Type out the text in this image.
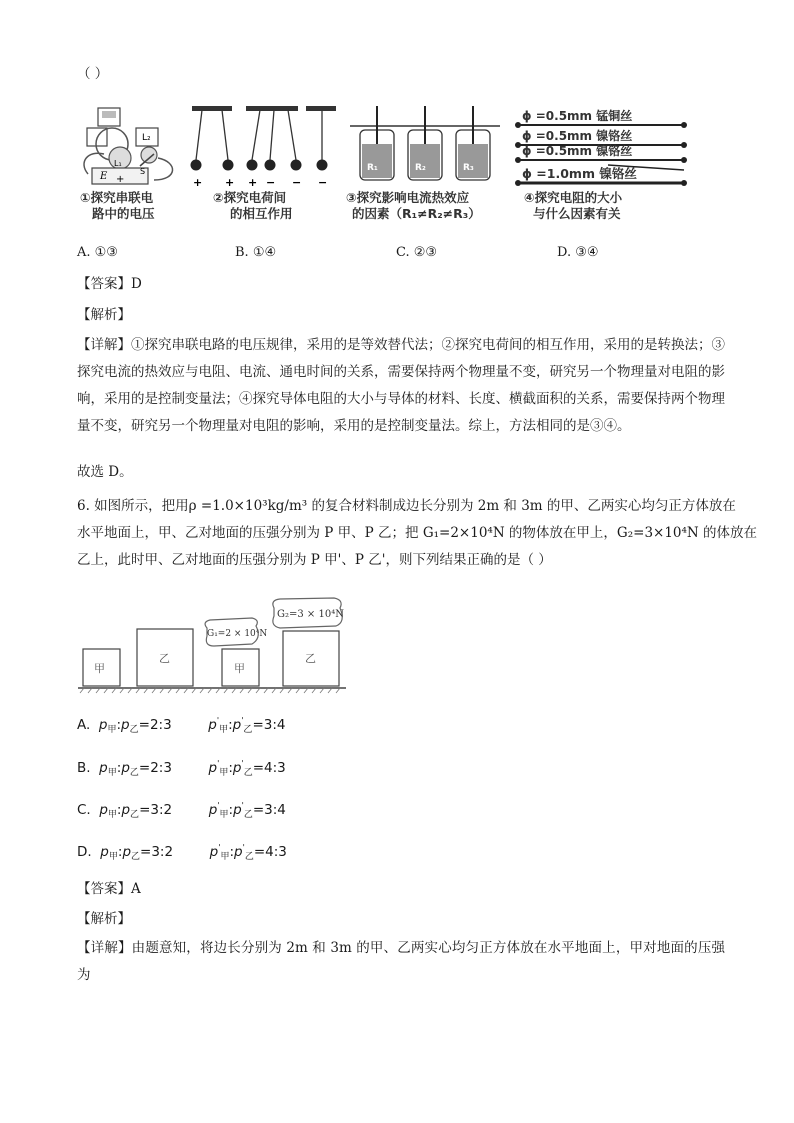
（ ）
L₁
L₂
E +
S
①探究串联电
路中的电压
+ + + − − −
②探究电荷间
的相互作用
R₁	R₂	R₃
③探究影响电流热效应
的因素（R₁≠R₂≠R₃）
ϕ =0.5mm 锰铜丝
ϕ =0.5mm 镍铬丝
ϕ =0.5mm 镍铬丝
ϕ =1.0mm 镍铬丝
④探究电阻的大小
与什么因素有关
A. ①③	B. ①④	C. ②③	D. ③④
【答案】D
【解析】
【详解】①探究串联电路的电压规律，采用的是等效替代法；②探究电荷间的相互作用，采用的是转换法；③探究电流的热效应与电阻、电流、通电时间的关系，需要保持两个物理量不变，研究另一个物理量对电阻的影响，采用的是控制变量法；④探究导体电阻的大小与导体的材料、长度、横截面积的关系，需要保持两个物理量不变，研究另一个物理量对电阻的影响，采用的是控制变量法。综上，方法相同的是③④。
故选 D。
6. 如图所示，把用ρ =1.0×10³kg/m³ 的复合材料制成边长分别为 2m 和 3m 的甲、乙两实心均匀正方体放在
水平地面上，甲、乙对地面的压强分别为 P 甲、P 乙；把 G₁=2×10⁴N 的物体放在甲上，G₂=3×10⁴N 的体放在
乙上，此时甲、乙对地面的压强分别为 P 甲'、P 乙'，则下列结果正确的是（ ）
甲
乙
甲
乙
G₁=2 × 10⁴N
G₂=3 × 10⁴N
A. $p_甲:p_乙=2:3$	$p'_甲:p'_乙=3:4$
B. $p_甲:p_乙=2:3$	$p'_甲:p'_乙=4:3$
C. $p_甲:p_乙=3:2$	$p'_甲:p'_乙=3:4$
D. $p_甲:p_乙=3:2$	$p'_甲:p'_乙=4:3$
【答案】A
【解析】
【详解】由题意知，将边长分别为 2m 和 3m 的甲、乙两实心均匀正方体放在水平地面上，甲对地面的压强为
